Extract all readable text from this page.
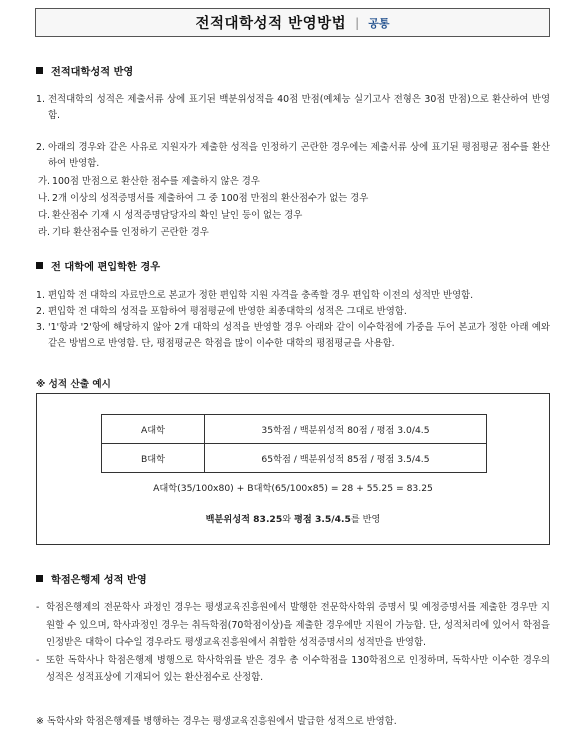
전적대학성적 반영방법 | 공통
전적대학성적 반영
1. 전적대학의 성적은 제출서류 상에 표기된 백분위성적을 40점 만점(예체능 실기고사 전형은 30점 만점)으로 환산하여 반영함.
2. 아래의 경우와 같은 사유로 지원자가 제출한 성적을 인정하기 곤란한 경우에는 제출서류 상에 표기된 평점평균 점수를 환산하여 반영함.
가. 100점 만점으로 환산한 점수를 제출하지 않은 경우
나. 2개 이상의 성적증명서를 제출하여 그 중 100점 만점의 환산점수가 없는 경우
다. 환산점수 기재 시 성적증명담당자의 확인 날인 등이 없는 경우
라. 기타 환산점수를 인정하기 곤란한 경우
전 대학에 편입학한 경우
1. 편입학 전 대학의 자료만으로 본교가 정한 편입학 지원 자격을 충족할 경우 편입학 이전의 성적만 반영함.
2. 편입학 전 대학의 성적을 포함하여 평점평균에 반영한 최종대학의 성적은 그대로 반영함.
3. '1'항과 '2'항에 해당하지 않아 2개 대학의 성적을 반영할 경우 아래와 같이 이수학점에 가중을 두어 본교가 정한 아래 예와 같은 방법으로 반영함. 단, 평점평균은 학점을 많이 이수한 대학의 평점평균을 사용함.
※ 성적 산출 예시
A대학	35학점 / 백분위성적 80점 / 평점 3.0/4.5
B대학	65학점 / 백분위성적 85점 / 평점 3.5/4.5
A대학(35/100x80) + B대학(65/100x85) = 28 + 55.25 = 83.25
백분위성적 83.25와 평점 3.5/4.5를 반영
학점은행제 성적 반영
- 학점은행제의 전문학사 과정인 경우는 평생교육진흥원에서 발행한 전문학사학위 증명서 및 예정증명서를 제출한 경우만 지원할 수 있으며, 학사과정인 경우는 취득학점(70학점이상)을 제출한 경우에만 지원이 가능함. 단, 성적처리에 있어서 학점을 인정받은 대학이 다수일 경우라도 평생교육진흥원에서 취합한 성적증명서의 성적만을 반영함.
- 또한 독학사나 학점은행제 병행으로 학사학위를 받은 경우 총 이수학점을 130학점으로 인정하며, 독학사만 이수한 경우의 성적은 성적표상에 기재되어 있는 환산점수로 산정함.
※ 독학사와 학점은행제를 병행하는 경우는 평생교육진흥원에서 발급한 성적으로 반영함.
